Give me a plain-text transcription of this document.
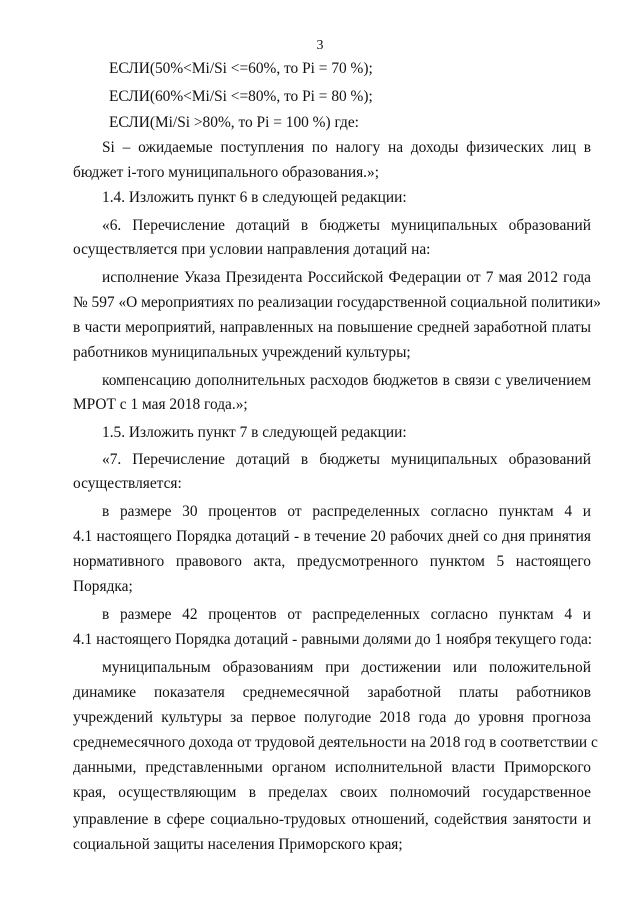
3
ЕСЛИ(50%<Mi/Si <=60%, то Pi = 70 %);
ЕСЛИ(60%<Mi/Si <=80%, то Pi = 80 %);
ЕСЛИ(Mi/Si >80%, то Pi = 100 %) где:
Si – ожидаемые поступления по налогу на доходы физических лиц в
бюджет i-того муниципального образования.»;
1.4. Изложить пункт 6 в следующей редакции:
«6. Перечисление дотаций в бюджеты муниципальных образований
осуществляется при условии направления дотаций на:
исполнение Указа Президента Российской Федерации от 7 мая 2012 года
№ 597 «О мероприятиях по реализации государственной социальной политики»
в части мероприятий, направленных на повышение средней заработной платы
работников муниципальных учреждений культуры;
компенсацию дополнительных расходов бюджетов в связи с увеличением
МРОТ с 1 мая 2018 года.»;
1.5. Изложить пункт 7 в следующей редакции:
«7. Перечисление дотаций в бюджеты муниципальных образований
осуществляется:
в размере 30 процентов от распределенных согласно пунктам 4 и
4.1 настоящего Порядка дотаций - в течение 20 рабочих дней со дня принятия
нормативного правового акта, предусмотренного пунктом 5 настоящего
Порядка;
в размере 42 процентов от распределенных согласно пунктам 4 и
4.1 настоящего Порядка дотаций - равными долями до 1 ноября текущего года:
муниципальным образованиям при достижении или положительной
динамике показателя среднемесячной заработной платы работников
учреждений культуры за первое полугодие 2018 года до уровня прогноза
среднемесячного дохода от трудовой деятельности на 2018 год в соответствии с
данными, представленными органом исполнительной власти Приморского
края, осуществляющим в пределах своих полномочий государственное
управление в сфере социально-трудовых отношений, содействия занятости и
социальной защиты населения Приморского края;
